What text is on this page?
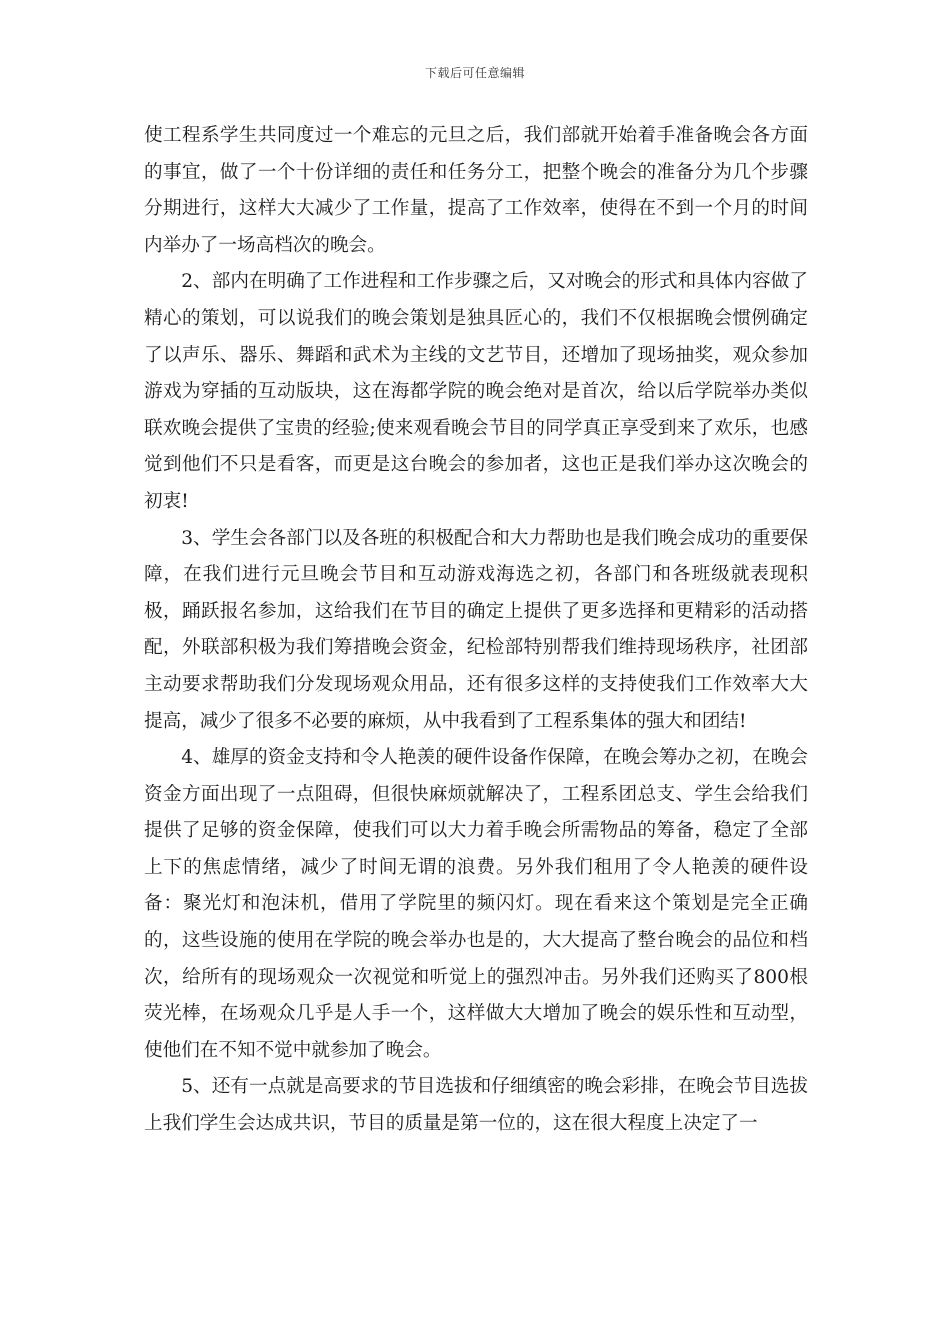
下载后可任意编辑

使工程系学生共同度过一个难忘的元旦之后，我们部就开始着手准备晚会各方面的事宜，做了一个十份详细的责任和任务分工，把整个晚会的准备分为几个步骤分期进行，这样大大减少了工作量，提高了工作效率，使得在不到一个月的时间内举办了一场高档次的晚会。

2、部内在明确了工作进程和工作步骤之后，又对晚会的形式和具体内容做了精心的策划，可以说我们的晚会策划是独具匠心的，我们不仅根据晚会惯例确定了以声乐、器乐、舞蹈和武术为主线的文艺节目，还增加了现场抽奖，观众参加游戏为穿插的互动版块，这在海都学院的晚会绝对是首次，给以后学院举办类似联欢晚会提供了宝贵的经验;使来观看晚会节目的同学真正享受到来了欢乐，也感觉到他们不只是看客，而更是这台晚会的参加者，这也正是我们举办这次晚会的初衷!

3、学生会各部门以及各班的积极配合和大力帮助也是我们晚会成功的重要保障，在我们进行元旦晚会节目和互动游戏海选之初，各部门和各班级就表现积极，踊跃报名参加，这给我们在节目的确定上提供了更多选择和更精彩的活动搭配，外联部积极为我们筹措晚会资金，纪检部特别帮我们维持现场秩序，社团部主动要求帮助我们分发现场观众用品，还有很多这样的支持使我们工作效率大大提高，减少了很多不必要的麻烦，从中我看到了工程系集体的强大和团结!

4、雄厚的资金支持和令人艳羡的硬件设备作保障，在晚会筹办之初，在晚会资金方面出现了一点阻碍，但很快麻烦就解决了，工程系团总支、学生会给我们提供了足够的资金保障，使我们可以大力着手晚会所需物品的筹备，稳定了全部上下的焦虑情绪，减少了时间无谓的浪费。另外我们租用了令人艳羡的硬件设备：聚光灯和泡沫机，借用了学院里的频闪灯。现在看来这个策划是完全正确的，这些设施的使用在学院的晚会举办也是的，大大提高了整台晚会的品位和档次，给所有的现场观众一次视觉和听觉上的强烈冲击。另外我们还购买了800根荧光棒，在场观众几乎是人手一个，这样做大大增加了晚会的娱乐性和互动型，使他们在不知不觉中就参加了晚会。

5、还有一点就是高要求的节目选拔和仔细缜密的晚会彩排，在晚会节目选拔上我们学生会达成共识，节目的质量是第一位的，这在很大程度上决定了一
